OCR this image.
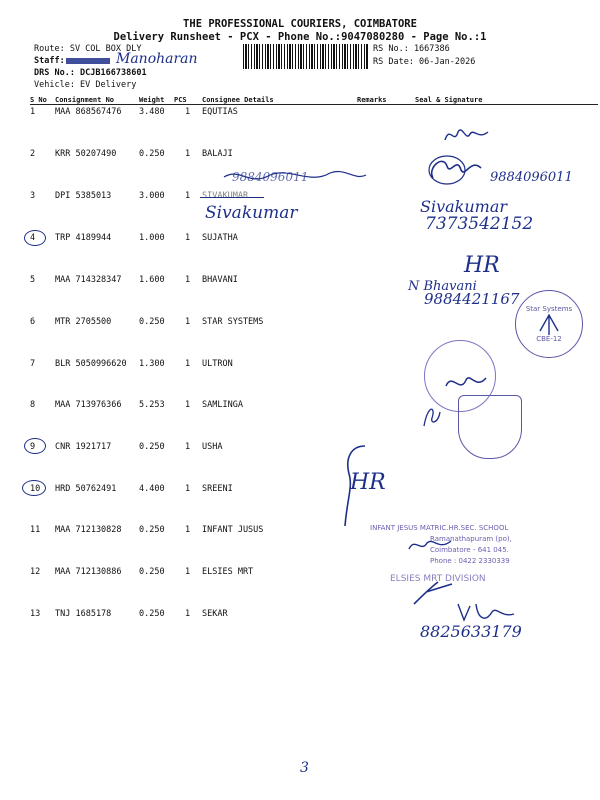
THE PROFESSIONAL COURIERS, COIMBATORE
Delivery Runsheet - PCX - Phone No.:9047080280 - Page No.:1
Route: SV COL BOX DLY
Staff:	Manoharan
DRS No.: DCJB166738601
Vehicle: EV Delivery
RS No.: 1667386
RS Date: 06-Jan-2026
S No Consignment No	Weight PCS Consignee Details	Remarks	Seal & Signature
1 MAA 868567476 3.480 1 EQUTIAS
2 KRR 50207490	0.250 1 BALAJI
3 DPI 5385013	3.000 1 SIVAKUMAR
4 TRP 4189944	1.000 1 SUJATHA
5 MAA 714328347 1.600 1 BHAVANI
6 MTR 2705500	0.250 1 STAR SYSTEMS
7 BLR 5050996620 1.300 1 ULTRON
8 MAA 713976366 5.253 1 SAMLINGA
9 CNR 1921717	0.250 1 USHA
10 HRD 50762491	4.400 1 SREENI
11 MAA 712130828 0.250 1 INFANT JUSUS
12 MAA 712130886 0.250 1 ELSIES MRT
13 TNJ 1685178	0.250 1 SEKAR
9884096011	9884096011
Sivakumar	Sivakumar
7373542152
HR
N Bhavani
9884421167
Star Systems
CBE-12
HR
INFANT JESUS MATRIC.HR.SEC. SCHOOL
Ramanathapuram (po),
Coimbatore - 641 045.
Phone : 0422 2330339
ELSIES MRT DIVISION
8825633179
3
